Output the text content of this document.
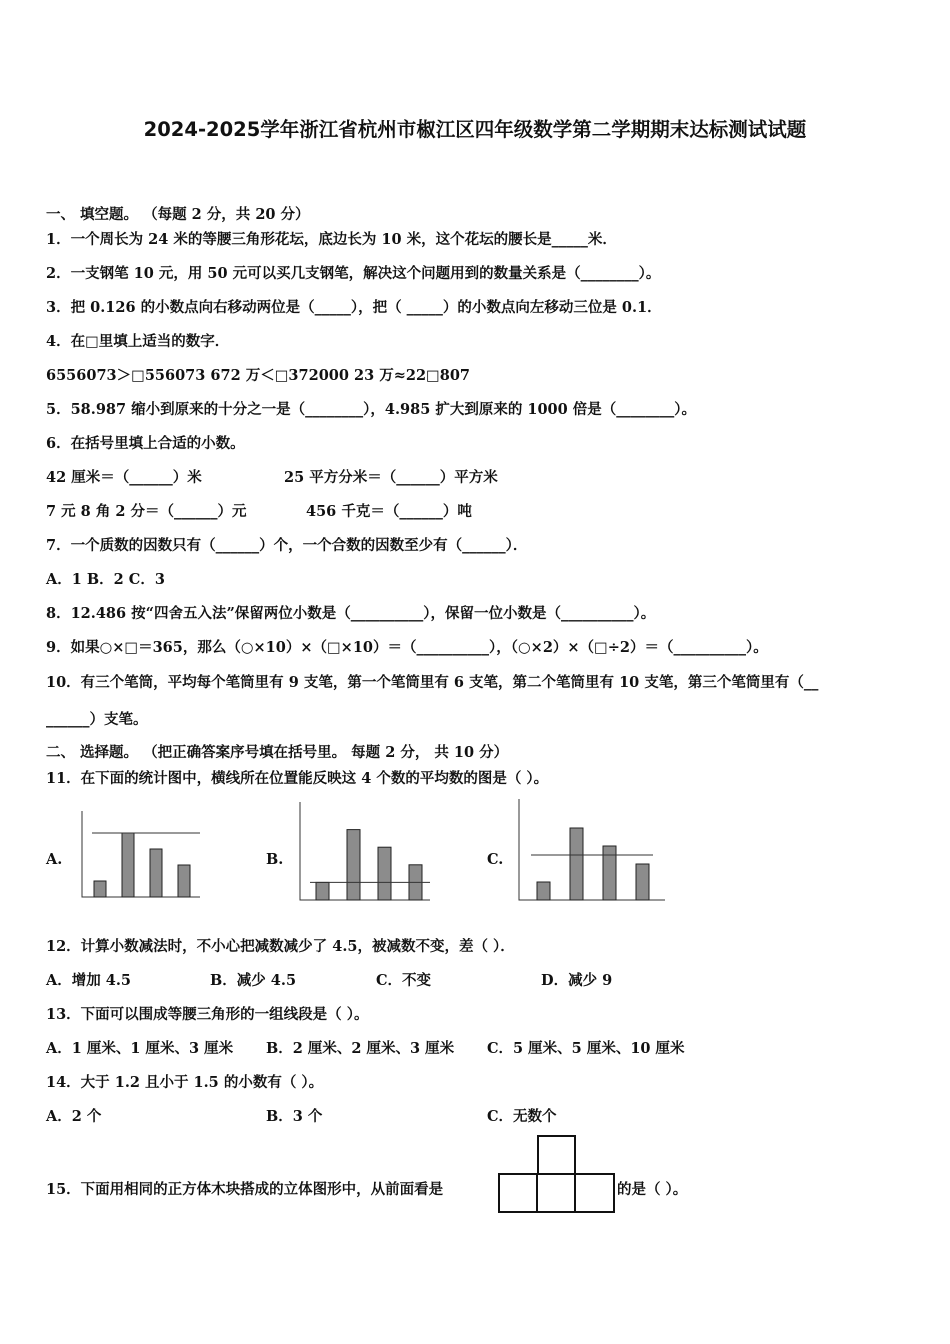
2024-2025学年浙江省杭州市椒江区四年级数学第二学期期末达标测试试题
一、 填空题。 （每题 2 分，共 20 分）
1．一个周长为 24 米的等腰三角形花坛，底边长为 10 米，这个花坛的腰长是_____米．
2．一支钢笔 10 元，用 50 元可以买几支钢笔，解决这个问题用到的数量关系是（________）。
3．把 0.126 的小数点向右移动两位是（_____），把（ _____）的小数点向左移动三位是 0.1．
4．在□里填上适当的数字．
6556073＞□556073 672 万＜□372000 23 万≈22□807
5．58.987 缩小到原来的十分之一是（________），4.985 扩大到原来的 1000 倍是（________）。
6．在括号里填上合适的小数。
42 厘米＝（______）米	25 平方分米＝（______）平方米
7 元 8 角 2 分＝（______）元	456 千克＝（______）吨
7．一个质数的因数只有（______）个，一个合数的因数至少有（______）．
A．1 B．2 C．3
8．12.486 按“四舍五入法”保留两位小数是（__________），保留一位小数是（__________）。
9．如果○×□＝365，那么（○×10）×（□×10）＝（__________），（○×2）×（□÷2）＝（__________）。
10．有三个笔筒，平均每个笔筒里有 9 支笔，第一个笔筒里有 6 支笔，第二个笔筒里有 10 支笔，第三个笔筒里有（__
______）支笔。
二、 选择题。 （把正确答案序号填在括号里。 每题 2 分， 共 10 分）
11．在下面的统计图中，横线所在位置能反映这 4 个数的平均数的图是（ ）。
A.	B.	C.
12．计算小数减法时，不小心把减数减少了 4.5，被减数不变，差（ ）．
A．增加 4.5	B．减少 4.5	C．不变	D．减少 9
13．下面可以围成等腰三角形的一组线段是（ ）。
A．1 厘米、1 厘米、3 厘米 B．2 厘米、2 厘米、3 厘米 C．5 厘米、5 厘米、10 厘米
14．大于 1.2 且小于 1.5 的小数有（ ）。
A．2 个	B．3 个	C．无数个
15．下面用相同的正方体木块搭成的立体图形中，从前面看是	的是（ ）。
